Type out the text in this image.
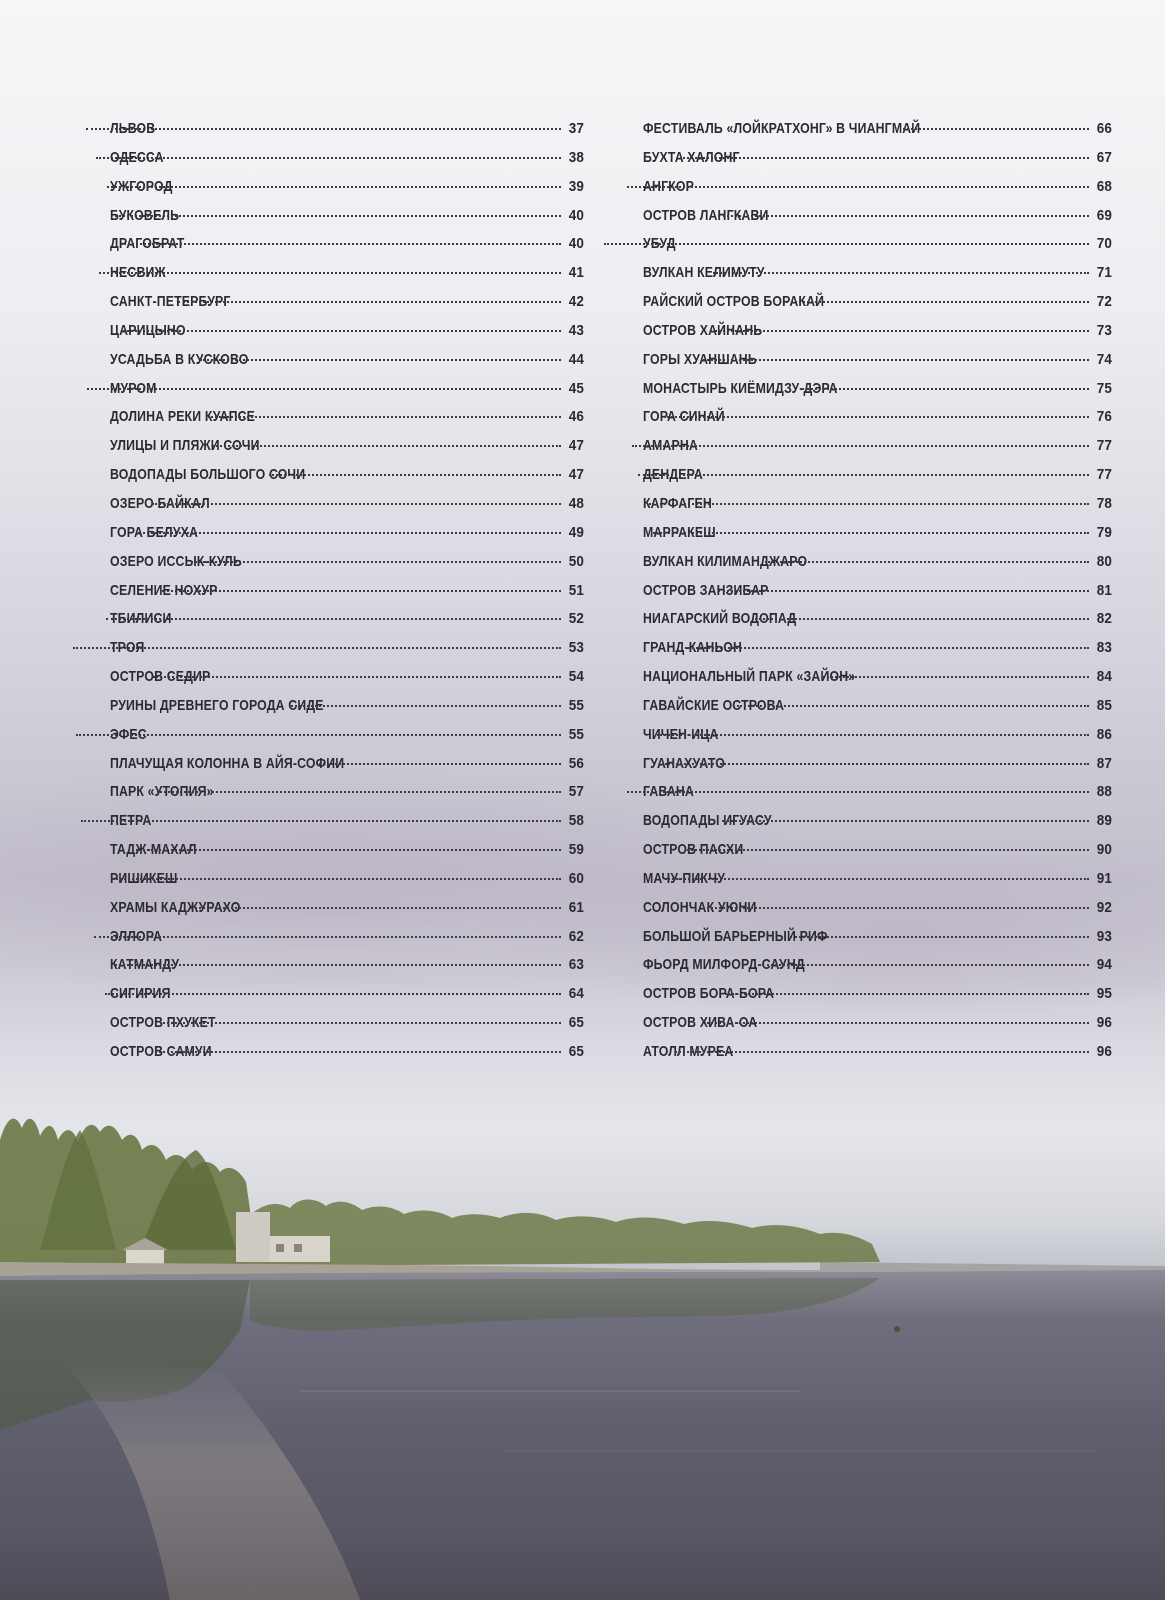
ЛЬВОВ	37
ОДЕССА	38
УЖГОРОД	39
БУКОВЕЛЬ	40
ДРАГОБРАТ	40
НЕСВИЖ	41
САНКТ-ПЕТЕРБУРГ	42
ЦАРИЦЫНО	43
УСАДЬБА В КУСКОВО	44
МУРОМ	45
ДОЛИНА РЕКИ КУАПСЕ	46
УЛИЦЫ И ПЛЯЖИ СОЧИ	47
ВОДОПАДЫ БОЛЬШОГО СОЧИ	47
ОЗЕРО БАЙКАЛ	48
ГОРА БЕЛУХА	49
ОЗЕРО ИССЫК-КУЛЬ	50
СЕЛЕНИЕ НОХУР	51
ТБИЛИСИ	52
ТРОЯ	53
ОСТРОВ СЕДИР	54
РУИНЫ ДРЕВНЕГО ГОРОДА СИДЕ	55
ЭФЕС	55
ПЛАЧУЩАЯ КОЛОННА В АЙЯ-СОФИИ	56
ПАРК «УТОПИЯ»	57
ПЕТРА	58
ТАДЖ-МАХАЛ	59
РИШИКЕШ	60
ХРАМЫ КАДЖУРАХО	61
ЭЛЛОРА	62
КАТМАНДУ	63
СИГИРИЯ	64
ОСТРОВ ПХУКЕТ	65
ОСТРОВ САМУИ	65
ФЕСТИВАЛЬ «ЛОЙКРАТХОНГ» В ЧИАНГМАЙ	66
БУХТА ХАЛОНГ	67
АНГКОР	68
ОСТРОВ ЛАНГКАВИ	69
УБУД	70
ВУЛКАН КЕЛИМУТУ	71
РАЙСКИЙ ОСТРОВ БОРАКАЙ	72
ОСТРОВ ХАЙНАНЬ	73
ГОРЫ ХУАНШАНЬ	74
МОНАСТЫРЬ КИЁМИДЗУ-ДЭРА	75
ГОРА СИНАЙ	76
АМАРНА	77
ДЕНДЕРА	77
КАРФАГЕН	78
МАРРАКЕШ	79
ВУЛКАН КИЛИМАНДЖАРО	80
ОСТРОВ ЗАНЗИБАР	81
НИАГАРСКИЙ ВОДОПАД	82
ГРАНД-КАНЬОН	83
НАЦИОНАЛЬНЫЙ ПАРК «ЗАЙОН»	84
ГАВАЙСКИЕ ОСТРОВА	85
ЧИЧЕН-ИЦА	86
ГУАНАХУАТО	87
ГАВАНА	88
ВОДОПАДЫ ИГУАСУ	89
ОСТРОВ ПАСХИ	90
МАЧУ-ПИКЧУ	91
СОЛОНЧАК УЮНИ	92
БОЛЬШОЙ БАРЬЕРНЫЙ РИФ	93
ФЬОРД МИЛФОРД-САУНД	94
ОСТРОВ БОРА-БОРА	95
ОСТРОВ ХИВА-ОА	96
АТОЛЛ МУРЕА	96
